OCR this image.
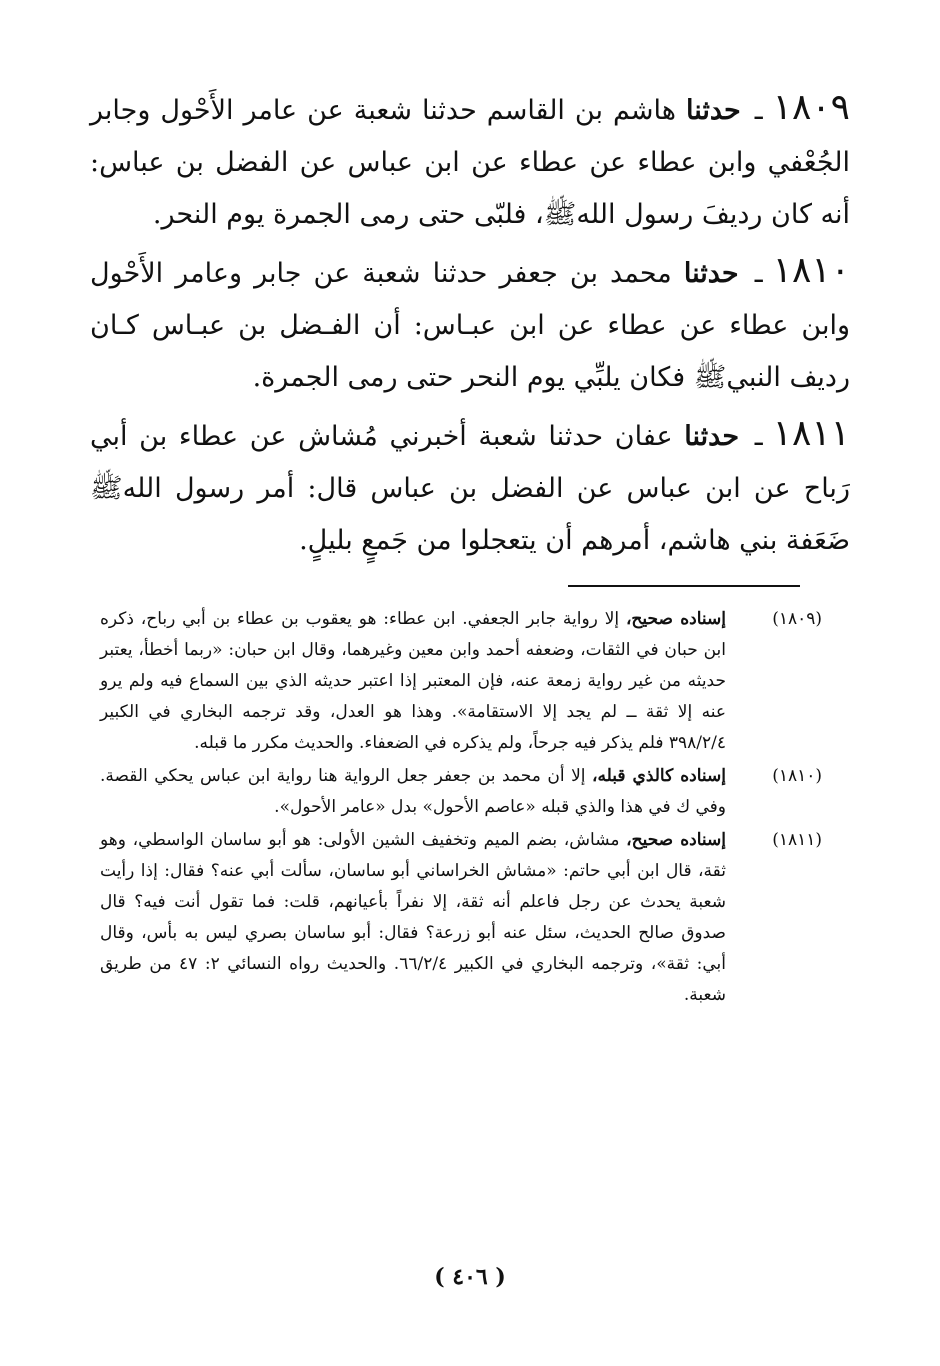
١٨٠٩ـ حدثنا هاشم بن القاسم حدثنا شعبة عن عامر الأَحْول وجابر الجُعْفي وابن عطاء عن عطاء عن ابن عباس عن الفضل بن عباس: أنه كان رديفَ رسول اللهﷺ، فلبّى حتى رمى الجمرة يوم النحر.

١٨١٠ـ حدثنا محمد بن جعفر حدثنا شعبة عن جابر وعامر الأَحْول وابن عطاء عن عطاء عن ابن عبـاس: أن الفـضل بن عبـاس كـان رديف النبيﷺ فكان يلبِّي يوم النحر حتى رمى الجمرة.

١٨١١ـ حدثنا عفان حدثنا شعبة أخبرني مُشاش عن عطاء بن أبي رَباح عن ابن عباس عن الفضل بن عباس قال: أمر رسول اللهﷺ ضَعَفة بني هاشم، أمرهم أن يتعجلوا من جَمعٍ بليلٍ.

(١٨٠٩)
إسناده صحيح، إلا رواية جابر الجعفي. ابن عطاء: هو يعقوب بن عطاء بن أبي رباح، ذكره ابن حبان في الثقات، وضعفه أحمد وابن معين وغيرهما، وقال ابن حبان: «ربما أخطأ، يعتبر حديثه من غير رواية زمعة عنه، فإن المعتبر إذا اعتبر حديثه الذي بين السماع فيه ولم يرو عنه إلا ثقة ــ لم يجد إلا الاستقامة». وهذا هو العدل، وقد ترجمه البخاري في الكبير ٣٩٨/٢/٤ فلم يذكر فيه جرحاً، ولم يذكره في الضعفاء. والحديث مكرر ما قبله.

(١٨١٠)
إسناده كالذي قبله، إلا أن محمد بن جعفر جعل الرواية هنا رواية ابن عباس يحكي القصة. وفي ك في هذا والذي قبله «عاصم الأحول» بدل «عامر الأحول».

(١٨١١)
إسناده صحيح، مشاش، بضم الميم وتخفيف الشين الأولى: هو أبو ساسان الواسطي، وهو ثقة، قال ابن أبي حاتم: «مشاش الخراساني أبو ساسان، سألت أبي عنه؟ فقال: إذا رأيت شعبة يحدث عن رجل فاعلم أنه ثقة، إلا نفراً بأعيانهم، قلت: فما تقول أنت فيه؟ قال صدوق صالح الحديث، سئل عنه أبو زرعة؟ فقال: أبو ساسان بصري ليس به بأس، وقال أبي: ثقة»، وترجمه البخاري في الكبير ٦٦/٢/٤. والحديث رواه النسائي ٢: ٤٧ من طريق شعبة.

( ٤٠٦ )
